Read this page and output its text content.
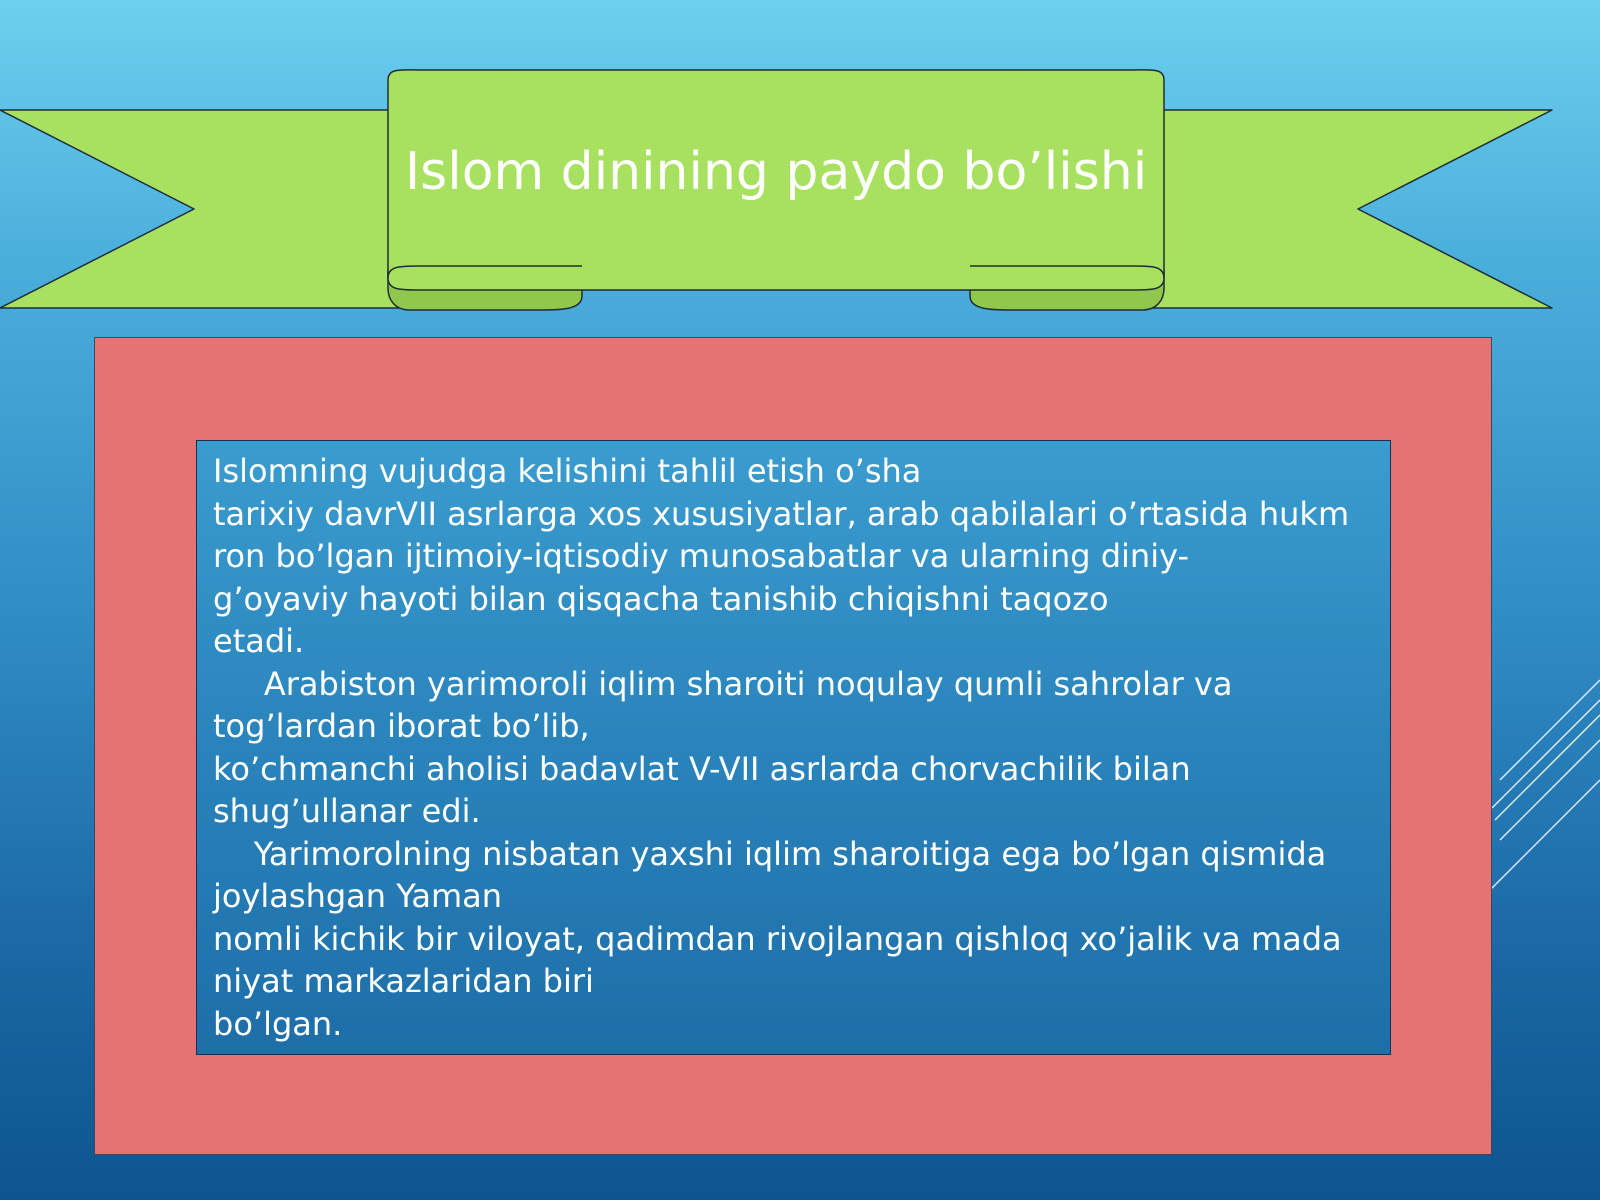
Islom dinining paydo bo’lishi

Islomning vujudga kelishini tahlil etish o’sha

tarixiy davrVII asrlarga xos xususiyatlar, arab qabilalari o’rtasida hukm

ron bo’lgan ijtimoiy-iqtisodiy munosabatlar va ularning diniy-

g’oyaviy hayoti bilan qisqacha tanishib chiqishni taqozo

etadi.

Arabiston yarimoroli iqlim sharoiti noqulay qumli sahrolar va

tog’lardan iborat bo’lib,

ko’chmanchi aholisi badavlat V-VII asrlarda chorvachilik bilan

shug’ullanar edi.

Yarimorolning nisbatan yaxshi iqlim sharoitiga ega bo’lgan qismida

joylashgan Yaman

nomli kichik bir viloyat, qadimdan rivojlangan qishloq xo’jalik va mada

niyat markazlaridan biri

bo’lgan.
